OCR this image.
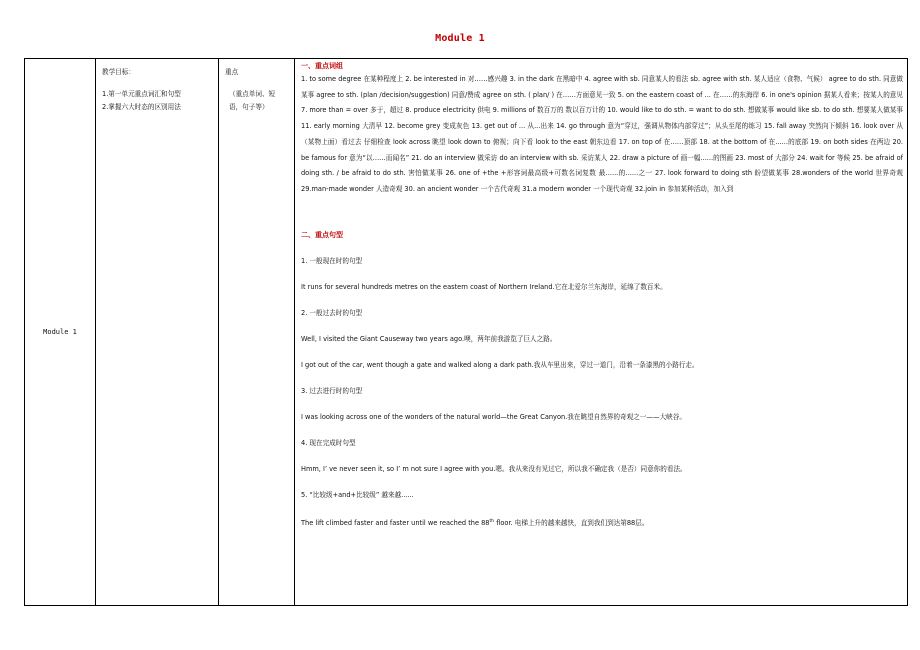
Module 1
Module 1	
教学目标：
1.第一单元重点词汇和句型
2.掌握六大时态的区别用法

重点
（重点单词、短
语，句子等）

一、重点词组
1. to some degree 在某种程度上 2. be interested in 对……感兴趣 3. in the dark 在黑暗中 4. agree with sb. 同意某人的看法 sb. agree with sth. 某人适应（食物、气候） agree to do sth. 同意做某事 agree to sth. (plan /decision/suggestion) 同意/赞成 agree on sth. ( plan/ ) 在……方面意见一致 5. on the eastern coast of ... 在……的东海岸 6. in one's opinion 据某人看来；按某人的意见 7. more than = over 多于，超过 8. produce electricity 供电 9. millions of 数百万的 数以百万计的 10. would like to do sth. = want to do sth. 想做某事 would like sb. to do sth. 想要某人做某事 11. early morning 大清早 12. become grey 变成灰色 13. get out of ... 从...出来 14. go through 意为“穿过，强调从物体内部穿过”；从头至尾的练习 15. fall away 突然向下倾斜 16. look over 从（某物上面）看过去 仔细检查 look across 眺望 look down to 俯视；向下看 look to the east 朝东边看 17. on top of 在……顶部 18. at the bottom of 在......的底部 19. on both sides 在两边 20. be famous for 意为“以……而闻名” 21. do an interview 做采访 do an interview with sb. 采访某人 22. draw a picture of 画一幅......的图画 23. most of 大部分 24. wait for 等候 25. be afraid of doing sth. / be afraid to do sth. 害怕做某事 26. one of +the +形容词最高级+可数名词复数 最......的......之一 27. look forward to doing sth 盼望做某事 28.wonders of the world 世界奇观 29.man-made wonder 人造奇观 30. an ancient wonder 一个古代奇观 31.a modern wonder 一个现代奇观 32.join in 参加某种活动，加入到
二、重点句型
1. 一般现在时的句型
It runs for several hundreds metres on the eastern coast of Northern Ireland.它在北爱尔兰东海岸，延绵了数百米。
2. 一般过去时的句型
Well, I visited the Giant Causeway two years ago.噢，两年前我游览了巨人之路。
I got out of the car, went though a gate and walked along a dark path.我从车里出来，穿过一道门，沿着一条漆黑的小路行走。
3. 过去进行时的句型
I was looking across one of the wonders of the natural world—the Great Canyon.我在眺望自然界的奇观之一——大峡谷。
4. 现在完成时句型
Hmm, I’ ve never seen it, so I’ m not sure I agree with you.嗯。我从来没有见过它，所以我不确定我（是否）同意你的看法。
5. “比较级+and+比较级” 越来越......
The lift climbed faster and faster until we reached the 88th floor. 电梯上升的越来越快，直到我们到达第88层。
